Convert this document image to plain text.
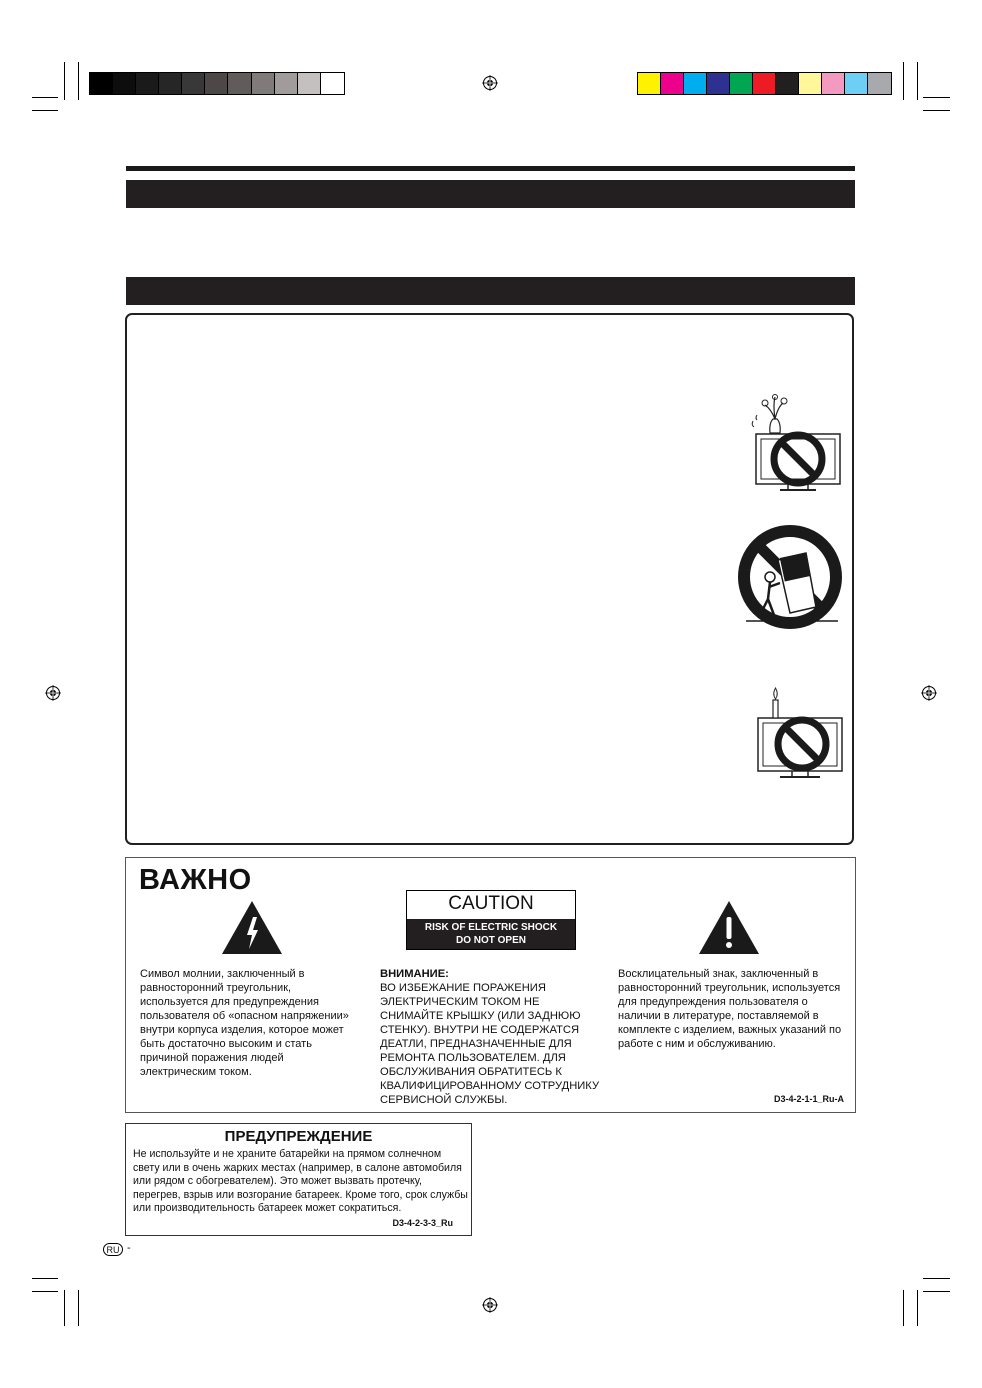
ВАЖНО
CAUTION
RISK OF ELECTRIC SHOCK
DO NOT OPEN
Символ молнии, заключенный в равносторонний треугольник, используется для предупреждения пользователя об «опасном напряжении» внутри корпуса изделия, которое может быть достаточно высоким и стать причиной поражения людей электрическим током.
ВНИМАНИЕ:
ВО ИЗБЕЖАНИЕ ПОРАЖЕНИЯ ЭЛЕКТРИЧЕСКИМ ТОКОМ НЕ СНИМАЙТЕ КРЫШКУ (ИЛИ ЗАДНЮЮ СТЕНКУ). ВНУТРИ НЕ СОДЕРЖАТСЯ ДЕАТЛИ, ПРЕДНАЗНАЧЕННЫЕ ДЛЯ РЕМОНТА ПОЛЬЗОВАТЕЛЕМ. ДЛЯ ОБСЛУЖИВАНИЯ ОБРАТИТЕСЬ К КВАЛИФИЦИРОВАННОМУ СОТРУДНИКУ СЕРВИСНОЙ СЛУЖБЫ.
Восклицательный знак, заключенный в равносторонний треугольник, используется для предупреждения пользователя о наличии в литературе, поставляемой в комплекте с изделием, важных указаний по работе с ним и обслуживанию.
D3-4-2-1-1_Ru-A
ПРЕДУПРЕЖДЕНИЕ
Не используйте и не храните батарейки на прямом солнечном свету или в очень жарких местах (например, в салоне автомобиля или рядом с обогревателем). Это может вызвать протечку, перегрев, взрыв или возгорание батареек. Кроме того, срок службы или производительность батареек может сократиться.
D3-4-2-3-3_Ru
RU -
